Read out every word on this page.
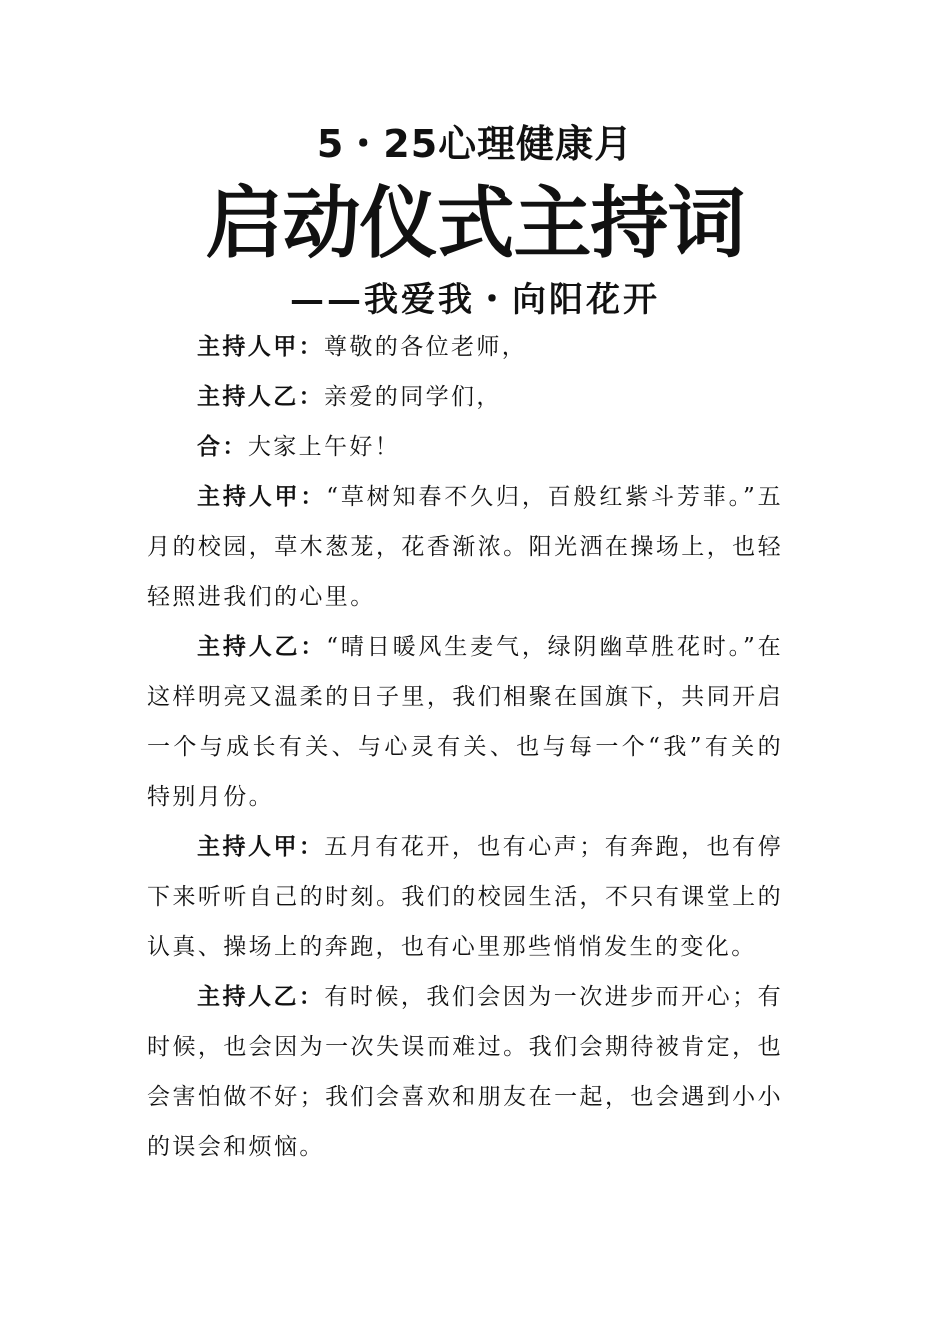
5・25心理健康月
启动仪式主持词
——我爱我・向阳花开

主持人甲：尊敬的各位老师，

主持人乙：亲爱的同学们，

合：大家上午好！

主持人甲：“草树知春不久归，百般红紫斗芳菲。”五月的校园，草木葱茏，花香渐浓。阳光洒在操场上，也轻轻照进我们的心里。

主持人乙：“晴日暖风生麦气，绿阴幽草胜花时。”在这样明亮又温柔的日子里，我们相聚在国旗下，共同开启一个与成长有关、与心灵有关、也与每一个“我”有关的特别月份。

主持人甲：五月有花开，也有心声；有奔跑，也有停下来听听自己的时刻。我们的校园生活，不只有课堂上的认真、操场上的奔跑，也有心里那些悄悄发生的变化。

主持人乙：有时候，我们会因为一次进步而开心；有时候，也会因为一次失误而难过。我们会期待被肯定，也会害怕做不好；我们会喜欢和朋友在一起，也会遇到小小的误会和烦恼。
